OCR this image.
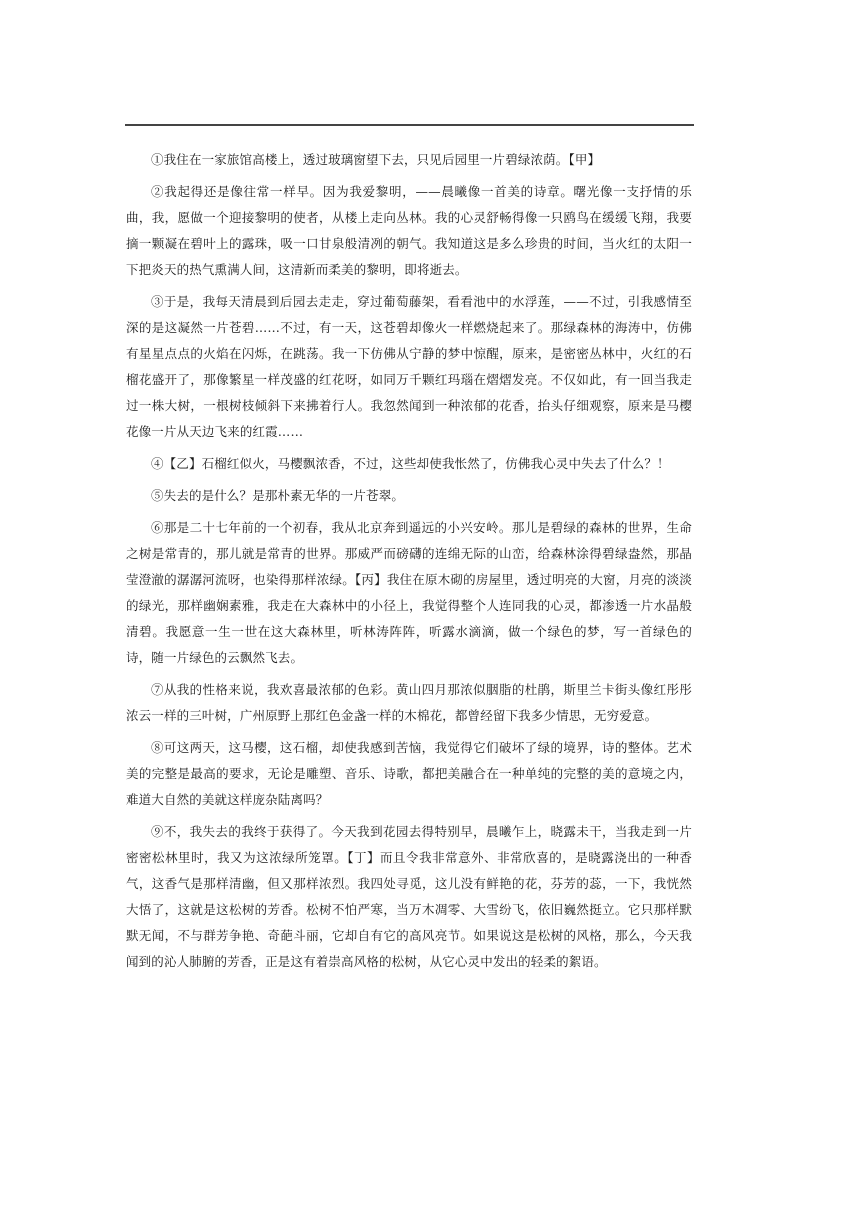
①我住在一家旅馆高楼上，透过玻璃窗望下去，只见后园里一片碧绿浓荫。【甲】

②我起得还是像往常一样早。因为我爱黎明，——晨曦像一首美的诗章。曙光像一支抒情的乐曲，我，愿做一个迎接黎明的使者，从楼上走向丛林。我的心灵舒畅得像一只鸥鸟在缓缓飞翔，我要摘一颗凝在碧叶上的露珠，吸一口甘泉般清冽的朝气。我知道这是多么珍贵的时间，当火红的太阳一下把炎天的热气熏满人间，这清新而柔美的黎明，即将逝去。

③于是，我每天清晨到后园去走走，穿过葡萄藤架，看看池中的水浮莲，——不过，引我感情至深的是这凝然一片苍碧……不过，有一天，这苍碧却像火一样燃烧起来了。那绿森林的海涛中，仿佛有星星点点的火焰在闪烁，在跳荡。我一下仿佛从宁静的梦中惊醒，原来，是密密丛林中，火红的石榴花盛开了，那像繁星一样茂盛的红花呀，如同万千颗红玛瑙在熠熠发亮。不仅如此，有一回当我走过一株大树，一根树枝倾斜下来拂着行人。我忽然闻到一种浓郁的花香，抬头仔细观察，原来是马樱花像一片从天边飞来的红霞……

④【乙】石榴红似火，马樱飘浓香，不过，这些却使我怅然了，仿佛我心灵中失去了什么？！

⑤失去的是什么？是那朴素无华的一片苍翠。

⑥那是二十七年前的一个初春，我从北京奔到遥远的小兴安岭。那儿是碧绿的森林的世界，生命之树是常青的，那儿就是常青的世界。那威严而磅礴的连绵无际的山峦，给森林涂得碧绿盎然，那晶莹澄澈的潺潺河流呀，也染得那样浓绿。【丙】我住在原木砌的房屋里，透过明亮的大窗，月亮的淡淡的绿光，那样幽娴素雅，我走在大森林中的小径上，我觉得整个人连同我的心灵，都渗透一片水晶般清碧。我愿意一生一世在这大森林里，听林涛阵阵，听露水滴滴，做一个绿色的梦，写一首绿色的诗，随一片绿色的云飘然飞去。

⑦从我的性格来说，我欢喜最浓郁的色彩。黄山四月那浓似胭脂的杜鹃，斯里兰卡街头像红彤彤浓云一样的三叶树，广州原野上那红色金盏一样的木棉花，都曾经留下我多少情思，无穷爱意。

⑧可这两天，这马樱，这石榴，却使我感到苦恼，我觉得它们破坏了绿的境界，诗的整体。艺术美的完整是最高的要求，无论是雕塑、音乐、诗歌，都把美融合在一种单纯的完整的美的意境之内，难道大自然的美就这样庞杂陆离吗？

⑨不，我失去的我终于获得了。今天我到花园去得特别早，晨曦乍上，晓露未干，当我走到一片密密松林里时，我又为这浓绿所笼罩。【丁】而且令我非常意外、非常欣喜的，是晓露浇出的一种香气，这香气是那样清幽，但又那样浓烈。我四处寻觅，这儿没有鲜艳的花，芬芳的蕊，一下，我恍然大悟了，这就是这松树的芳香。松树不怕严寒，当万木凋零、大雪纷飞，依旧巍然挺立。它只那样默默无闻，不与群芳争艳、奇葩斗丽，它却自有它的高风亮节。如果说这是松树的风格，那么，今天我闻到的沁人肺腑的芳香，正是这有着崇高风格的松树，从它心灵中发出的轻柔的絮语。
